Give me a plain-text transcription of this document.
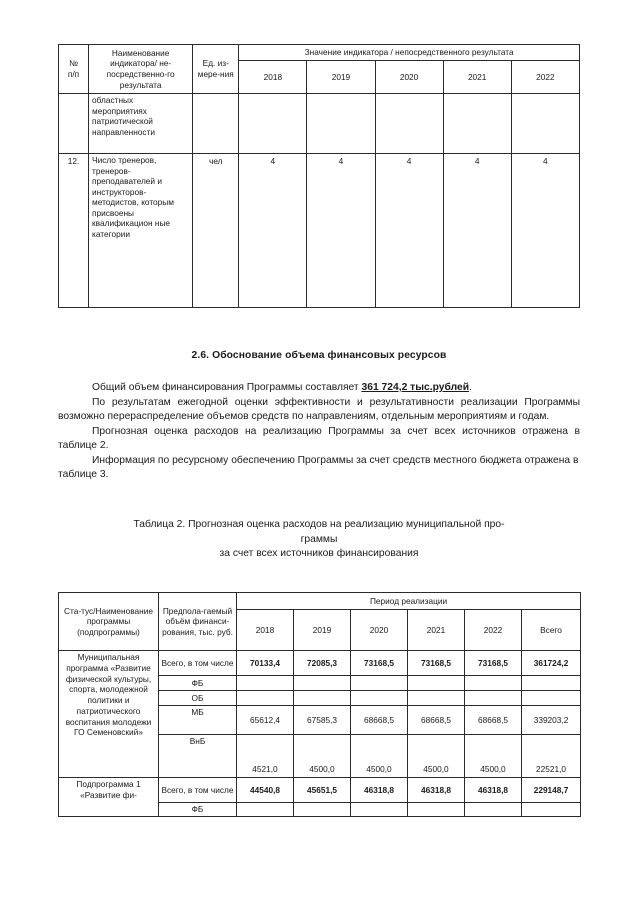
№
п/п	Наименование индикатора/ не-посредственно-го результата	Ед. из-мере-ния	Значение индикатора / непосредственного результата				
			2018	2019	2020	2021	2022
	областных мероприятиях патриотической направленности						
12.	Число тренеров, тренеров-преподавателей и инструкторов-методистов, которым присвоены квалификацион ные категории	чел	4	4	4	4	4
2.6. Обоснование объема финансовых ресурсов

Общий объем финансирования Программы составляет 361 724,2 тыс.рублей.

По результатам ежегодной оценки эффективности и результативности реализации Программы возможно перераспределение объемов средств по направлениям, отдельным мероприятиям и годам.

Прогнозная оценка расходов на реализацию Программы за счет всех источников отражена в таблице 2.

Информация по ресурсному обеспечению Программы за счет средств местного бюджета отражена в таблице 3.

Таблица 2. Прогнозная оценка расходов на реализацию муниципальной про-
граммы
за счет всех источников финансирования
Ста-тус/Наименование программы (подпрограммы)	Предпола-гаемый объём финанси-рования, тыс. руб.	Период реализации					
		2018	2019	2020	2021	2022	Всего
Муниципальная программа «Развитие физической культуры, спорта, молодежной политики и патриотического воспитания молодежи ГО Семеновский»	Всего, в том числе	70133,4	72085,3	73168,5	73168,5	73168,5	361724,2
	ФБ						
	ОБ						
	МБ	65612,4	67585,3	68668,5	68668,5	68668,5	339203,2
	ВнБ	4521,0	4500,0	4500,0	4500,0	4500,0	22521,0
Подпрограмма 1 «Развитие фи-	Всего, в том числе	44540,8	45651,5	46318,8	46318,8	46318,8	229148,7
	ФБ						
